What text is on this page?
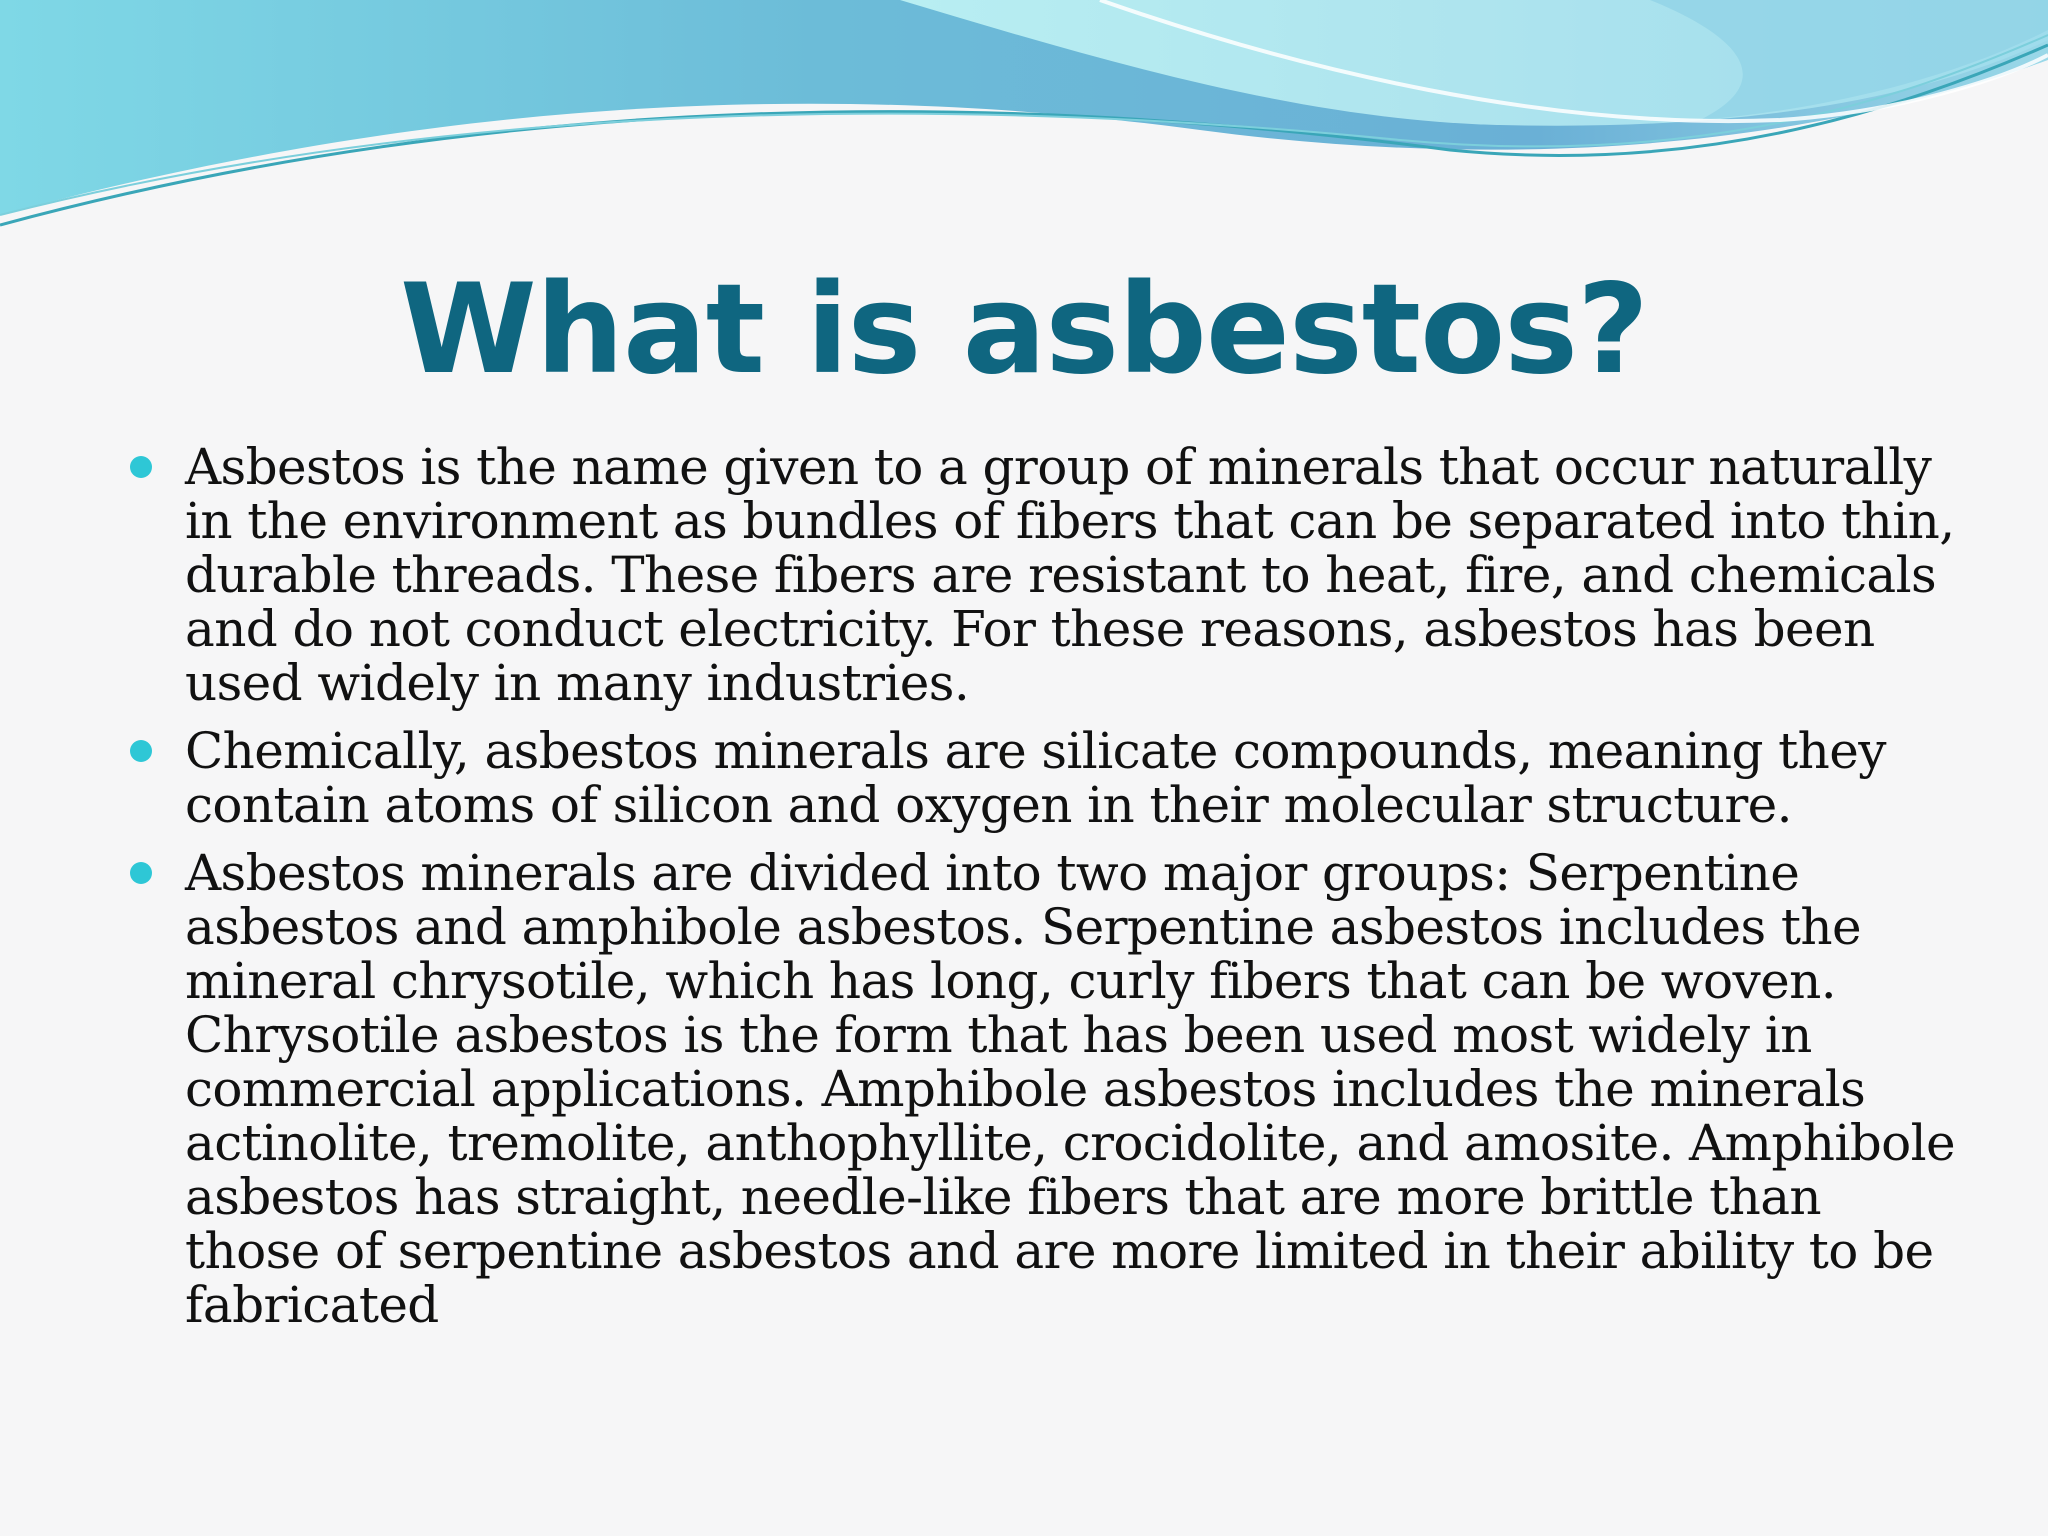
What is asbestos?
Asbestos is the name given to a group of minerals that occur naturally in the environment as bundles of fibers that can be separated into thin, durable threads. These fibers are resistant to heat, fire, and chemicals and do not conduct electricity. For these reasons, asbestos has been used widely in many industries.
Chemically, asbestos minerals are silicate compounds, meaning they contain atoms of silicon and oxygen in their molecular structure.
Asbestos minerals are divided into two major groups: Serpentine asbestos and amphibole asbestos. Serpentine asbestos includes the mineral chrysotile, which has long, curly fibers that can be woven. Chrysotile asbestos is the form that has been used most widely in commercial applications. Amphibole asbestos includes the minerals actinolite, tremolite, anthophyllite, crocidolite, and amosite. Amphibole asbestos has straight, needle-like fibers that are more brittle than those of serpentine asbestos and are more limited in their ability to be fabricated
